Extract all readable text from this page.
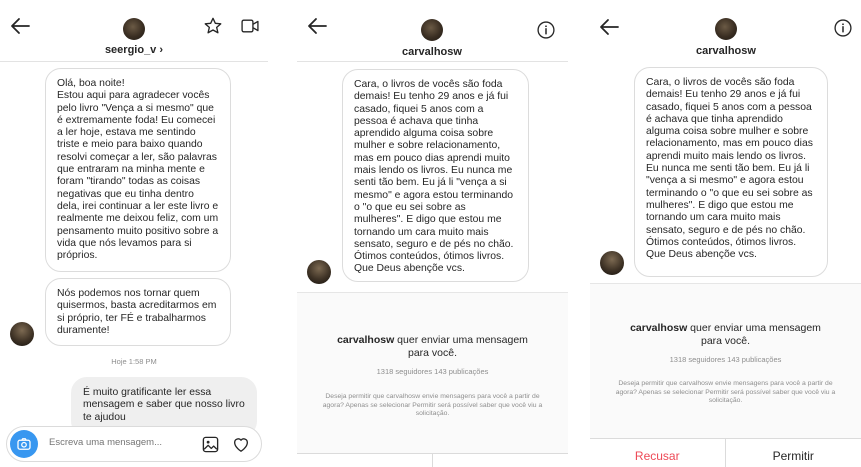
seergio_v ›
Olá, boa noite!
Estou aqui para agradecer vocês pelo livro "Vença a si mesmo" que é extremamente foda! Eu comecei a ler hoje, estava me sentindo triste e meio para baixo quando resolvi começar a ler, são palavras que entraram na minha mente e foram "tirando" todas as coisas negativas que eu tinha dentro dela, irei continuar a ler este livro e realmente me deixou feliz, com um pensamento muito positivo sobre a vida que nós levamos para si próprios.
Nós podemos nos tornar quem quisermos, basta acreditarmos em si próprio, ter FÉ e trabalharmos duramente!
Hoje 1:58 PM
É muito gratificante ler essa mensagem e saber que nosso livro te ajudou
Escreva uma mensagem...
carvalhosw
Cara, o livros de vocês são foda demais! Eu tenho 29 anos e já fui casado, fiquei 5 anos com a pessoa é achava que tinha aprendido alguma coisa sobre mulher e sobre relacionamento, mas em pouco dias aprendi muito mais lendo os livros. Eu nunca me senti tão bem. Eu já li "vença a si mesmo" e agora estou terminando o "o que eu sei sobre as mulheres". E digo que estou me tornando um cara muito mais sensato, seguro e de pés no chão. Ótimos conteúdos, ótimos livros. Que Deus abençõe vcs.
carvalhosw quer enviar uma mensagem para você.
1318 seguidores 143 publicações
Deseja permitir que carvalhosw envie mensagens para você a partir de agora? Apenas se selecionar Permitir será possível saber que você viu a solicitação.
carvalhosw
Cara, o livros de vocês são foda demais! Eu tenho 29 anos e já fui casado, fiquei 5 anos com a pessoa é achava que tinha aprendido alguma coisa sobre mulher e sobre relacionamento, mas em pouco dias aprendi muito mais lendo os livros. Eu nunca me senti tão bem. Eu já li "vença a si mesmo" e agora estou terminando o "o que eu sei sobre as mulheres". E digo que estou me tornando um cara muito mais sensato, seguro e de pés no chão. Ótimos conteúdos, ótimos livros. Que Deus abençõe vcs.
carvalhosw quer enviar uma mensagem para você.
1318 seguidores 143 publicações
Deseja permitir que carvalhosw envie mensagens para você a partir de agora? Apenas se selecionar Permitir será possível saber que você viu a solicitação.
Recusar	Permitir
